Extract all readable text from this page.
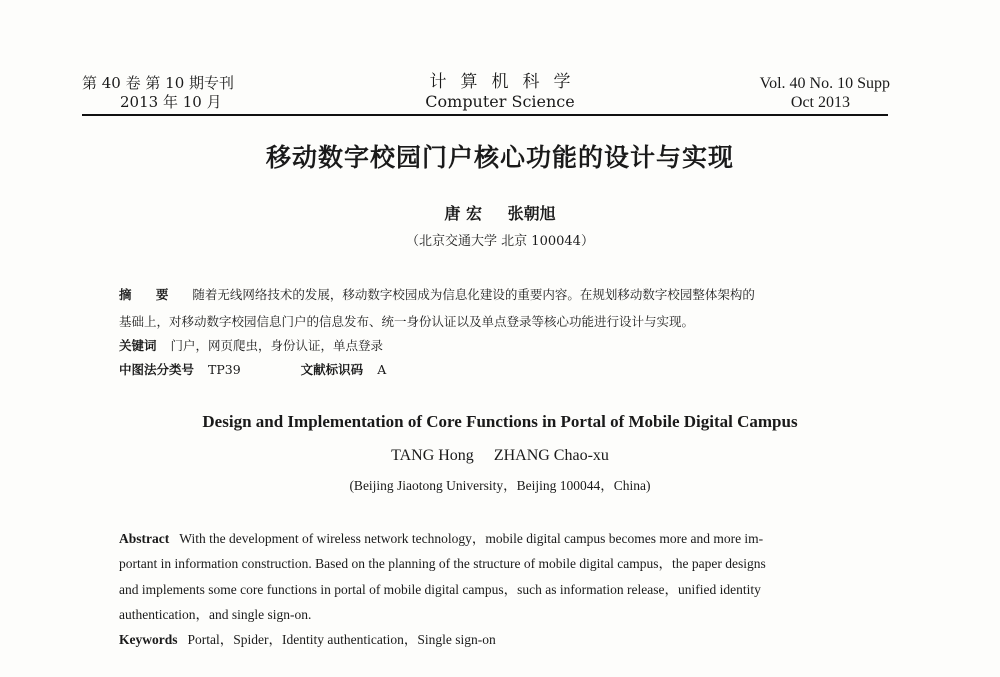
第 40 卷 第 10 期专刊
2013 年 10 月
计算机科学
Computer Science
Vol. 40 No. 10 Supp
Oct 2013
移动数字校园门户核心功能的设计与实现
唐 宏 张朝旭
（北京交通大学 北京 100044）
摘 要 随着无线网络技术的发展，移动数字校园成为信息化建设的重要内容。在规划移动数字校园整体架构的
基础上，对移动数字校园信息门户的信息发布、统一身份认证以及单点登录等核心功能进行设计与实现。
关键词 门户，网页爬虫，身份认证，单点登录
中图法分类号 TP39	文献标识码 A
Design and Implementation of Core Functions in Portal of Mobile Digital Campus
TANG Hong ZHANG Chao-xu
(Beijing Jiaotong University，Beijing 100044，China)
Abstract With the development of wireless network technology，mobile digital campus becomes more and more im-
portant in information construction. Based on the planning of the structure of mobile digital campus，the paper designs
and implements some core functions in portal of mobile digital campus，such as information release，unified identity
authentication，and single sign-on.
Keywords Portal，Spider，Identity authentication，Single sign-on
